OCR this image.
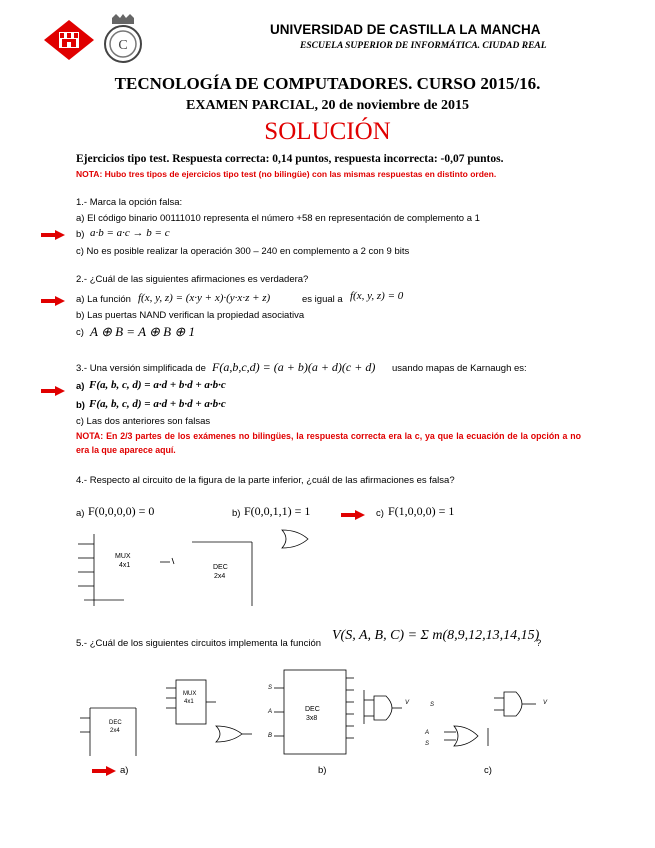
C
UNIVERSIDAD DE CASTILLA LA MANCHA
ESCUELA SUPERIOR DE INFORMÁTICA. CIUDAD REAL
TECNOLOGÍA DE COMPUTADORES. CURSO 2015/16.
EXAMEN PARCIAL, 20 de noviembre de 2015
SOLUCIÓN
Ejercicios tipo test. Respuesta correcta: 0,14 puntos, respuesta incorrecta: -0,07 puntos.
NOTA: Hubo tres tipos de ejercicios tipo test (no bilingüe) con las mismas respuestas en distinto orden.
1.- Marca la opción falsa:
a) El código binario 00111010 representa el número +58 en representación de complemento a 1
b) a·b = a·c → b = c
c) No es posible realizar la operación 300 – 240 en complemento a 2 con 9 bits
2.- ¿Cuál de las siguientes afirmaciones es verdadera?
a) La función f(x, y, z) = (x·y + x)·(y·x·z + z)	es igual a f(x, y, z) = 0
b) Las puertas NAND verifican la propiedad asociativa
c) A ⊕ B = A ⊕ B ⊕ 1
3.- Una versión simplificada de F(a,b,c,d) = (a + b)(a + d)(c + d) usando mapas de Karnaugh es:
a) F(a, b, c, d) = a·d + b·d + a·b·c
b) F(a, b, c, d) = a·d + b·d + a·b·c
c) Las dos anteriores son falsas
NOTA: En 2/3 partes de los exámenes no bilingües, la respuesta correcta era la c, ya que la ecuación de la opción a no era la que aparece aquí.
4.- Respecto al circuito de la figura de la parte inferior, ¿cuál de las afirmaciones es falsa?
a) F(0,0,0,0) = 0	b) F(0,0,1,1) = 1	c) F(1,0,0,0) = 1
MUX
4x1	DEC
2x4
5.- ¿Cuál de los siguientes circuitos implementa la función
V(S, A, B, C) = Σ m(8,9,12,13,14,15)
?
DEC
2x4
MUX
4x1
a)
S
A
B
DEC
3x8
V
b)
S
A
S
V
c)
